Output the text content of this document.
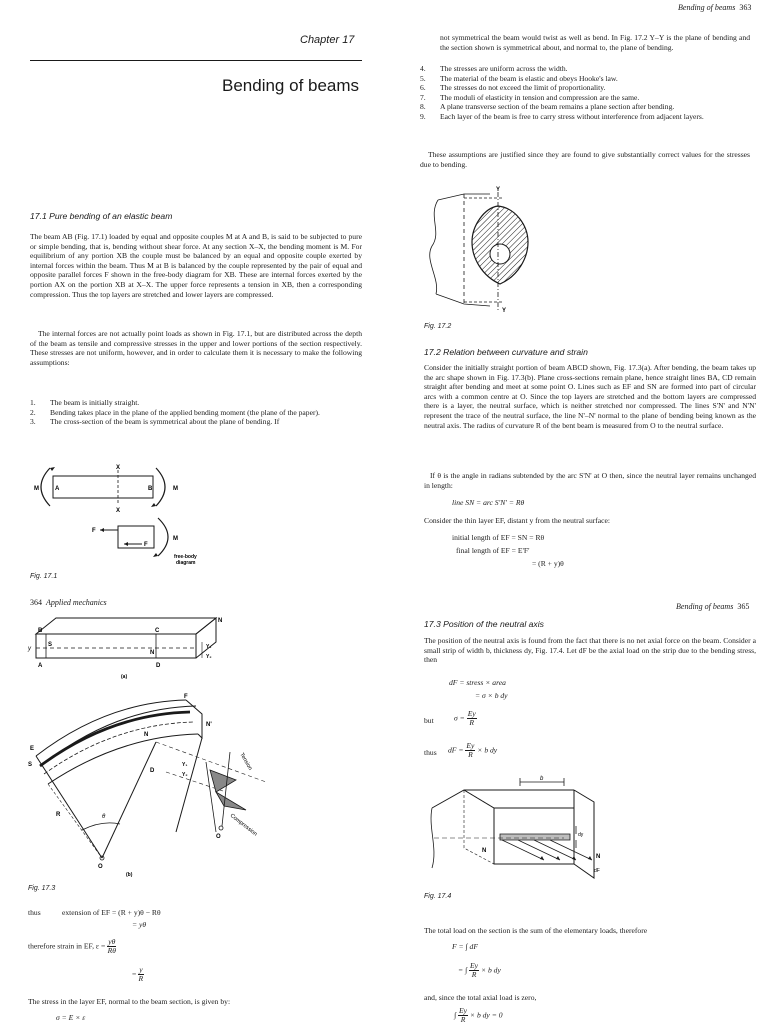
Bending of beams 363
Chapter 17
Bending of beams
not symmetrical the beam would twist as well as bend. In Fig. 17.2 Y–Y is the plane of bending and the section shown is symmetrical about, and normal to, the plane of bending.
4.	The stresses are uniform across the width.
5.	The material of the beam is elastic and obeys Hooke's law.
6.	The stresses do not exceed the limit of proportionality.
7.	The moduli of elasticity in tension and compression are the same.
8.	A plane transverse section of the beam remains a plane section after bending.
9.	Each layer of the beam is free to carry stress without interference from adjacent layers.
These assumptions are justified since they are found to give substantially correct values for the stresses due to bending.
17.1 Pure bending of an elastic beam
The beam AB (Fig. 17.1) loaded by equal and opposite couples M at A and B, is said to be subjected to pure or simple bending, that is, bending without shear force. At any section X–X, the bending moment is M. For equilibrium of any portion XB the couple must be balanced by an equal and opposite couple exerted by internal forces within the beam. Thus M at B is balanced by the couple represented by the pair of equal and opposite parallel forces F shown in the free-body diagram for XB. These are internal forces exerted by the portion AX on the portion XB at X–X. The upper force represents a tension in XB, then a corresponding compression. Thus the top layers are stretched and lower layers are compressed.
The internal forces are not actually point loads as shown in Fig. 17.1, but are distributed across the depth of the beam as tensile and compressive stresses in the upper and lower portions of the section respectively. These stresses are not uniform, however, and in order to calculate them it is necessary to make the following assumptions:
1.	The beam is initially straight.
2.	Bending takes place in the plane of the applied bending moment (the plane of the paper).
3.	The cross-section of the beam is symmetrical about the plane of bending. If
M	A
X
X
B	M
F
F
M
free-body
diagram
Fig. 17.1
Y
Y
Fig. 17.2
17.2 Relation between curvature and strain
Consider the initially straight portion of beam ABCD shown, Fig. 17.3(a). After bending, the beam takes up the arc shape shown in Fig. 17.3(b). Plane cross-sections remain plane, hence straight lines BA, CD remain straight after bending and meet at some point O. Lines such as EF and SN are formed into part of circular arcs with a common centre at O. Since the top layers are stretched and the bottom layers are compressed there is a layer, the neutral surface, which is neither stretched nor compressed. The lines S'N' and N'N' represent the trace of the neutral surface, the line N'–N' normal to the plane of bending being known as the neutral axis. The radius of curvature R of the bent beam is measured from O to the neutral surface.
If θ is the angle in radians subtended by the arc S'N' at O then, since the neutral layer remains unchanged in length:
line SN = arc S'N' = Rθ
Consider the thin layer EF, distant y from the neutral surface:
initial length of EF = SN = Rθ
final length of EF = E'F'
= (R + y)θ
364 Applied mechanics
B	C
N
S
N
A	D
y	Y₁
Y₂
(a)
E
F
N'
N
D
S
R
O
O
θ
Y₁
Y₂
Tension
Compression
(b)
Fig. 17.3
thus	extension of EF = (R + y)θ − Rθ
= yθ
therefore strain in EF, $\varepsilon = \frac{y\theta}{R\theta}$
= $\frac{y}{R}$
The stress in the layer EF, normal to the beam section, is given by:
σ = E × ε
Bending of beams 365
17.3 Position of the neutral axis
The position of the neutral axis is found from the fact that there is no net axial force on the beam. Consider a small strip of width b, thickness dy, Fig. 17.4. Let dF be the axial load on the strip due to the bending stress, then
dF = stress × area
= σ × b dy
but	$\sigma = \frac{Ey}{R}$
thus dF = $\frac{Ey}{R} \times b$ dy
b
dy
N
N
dF
Fig. 17.4
The total load on the section is the sum of the elementary loads, therefore
F = ∫ dF
= ∫ $\frac{Ey}{R} \times b$ dy
and, since the total axial load is zero,
∫ $\frac{Ey}{R} \times b$ dy = 0
